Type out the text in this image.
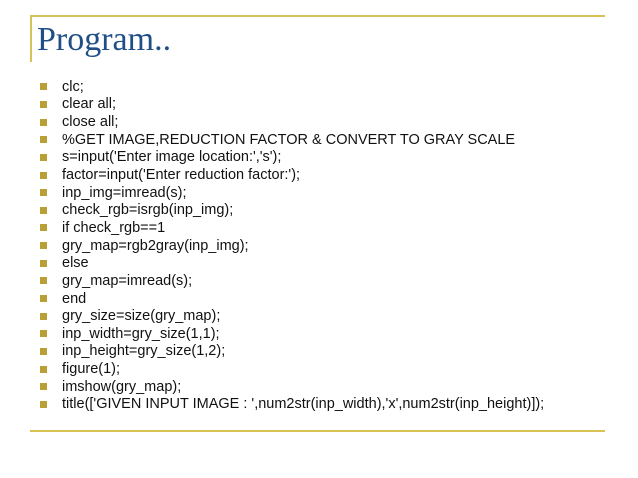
Program..
clc;
clear all;
close all;
%GET IMAGE,REDUCTION FACTOR & CONVERT TO GRAY SCALE
s=input('Enter image location:','s');
factor=input('Enter reduction factor:');
inp_img=imread(s);
check_rgb=isrgb(inp_img);
if check_rgb==1
gry_map=rgb2gray(inp_img);
else
gry_map=imread(s);
end
gry_size=size(gry_map);
inp_width=gry_size(1,1);
inp_height=gry_size(1,2);
figure(1);
imshow(gry_map);
title(['GIVEN INPUT IMAGE : ',num2str(inp_width),'x',num2str(inp_height)]);
